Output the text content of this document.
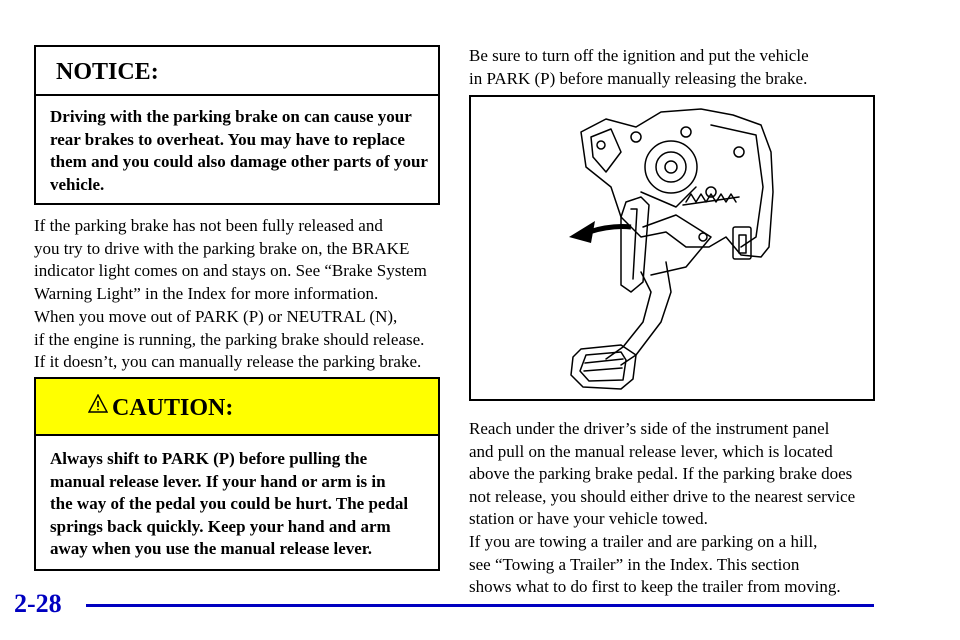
NOTICE:
Driving with the parking brake on can cause your rear brakes to overheat. You may have to replace them and you could also damage other parts of your vehicle.
If the parking brake has not been fully released and
you try to drive with the parking brake on, the BRAKE
indicator light comes on and stays on. See “Brake System
Warning Light” in the Index for more information.
When you move out of PARK (P) or NEUTRAL (N),
if the engine is running, the parking brake should release.
If it doesn’t, you can manually release the parking brake.
CAUTION:
Always shift to PARK (P) before pulling the
manual release lever. If your hand or arm is in
the way of the pedal you could be hurt. The pedal
springs back quickly. Keep your hand and arm
away when you use the manual release lever.
Be sure to turn off the ignition and put the vehicle
in PARK (P) before manually releasing the brake.
Reach under the driver’s side of the instrument panel
and pull on the manual release lever, which is located
above the parking brake pedal. If the parking brake does
not release, you should either drive to the nearest service
station or have your vehicle towed.
If you are towing a trailer and are parking on a hill,
see “Towing a Trailer” in the Index. This section
shows what to do first to keep the trailer from moving.
2-28
